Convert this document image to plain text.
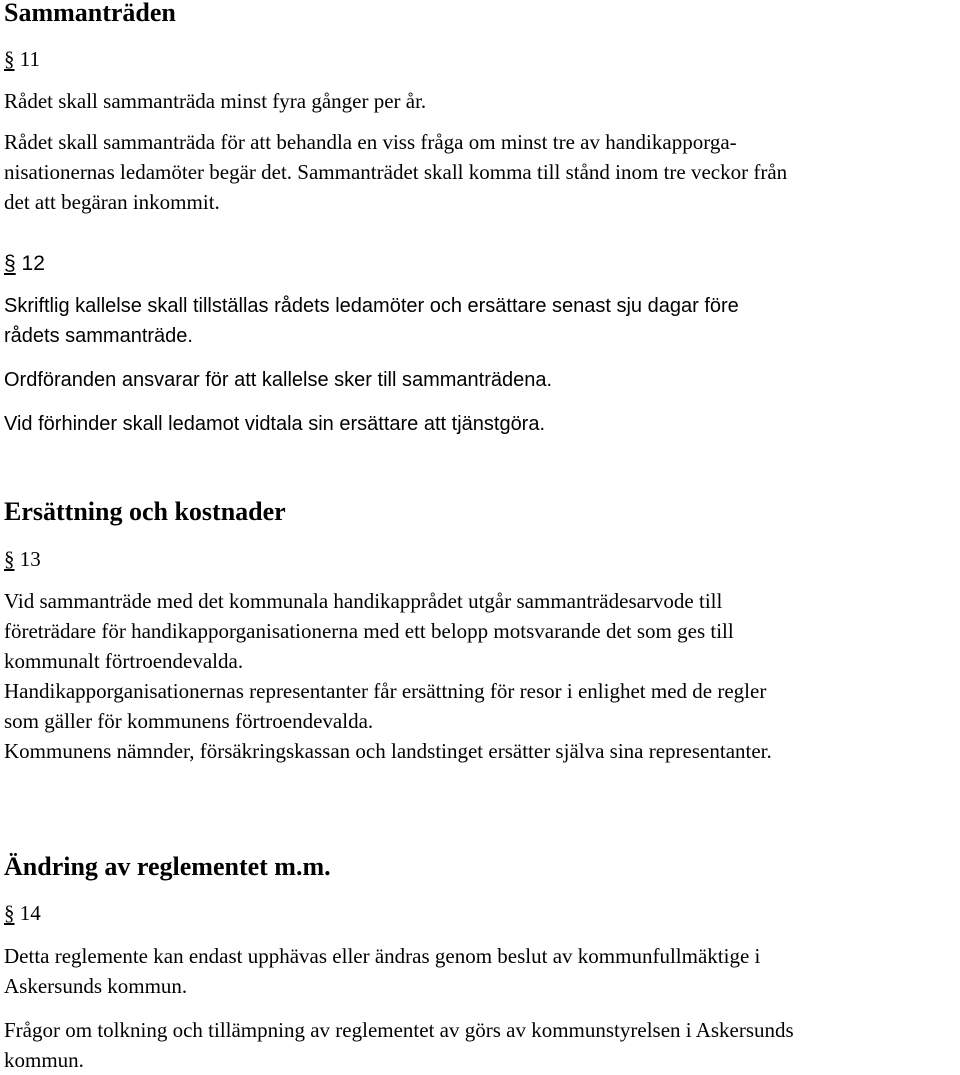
Sammanträden
§ 11

Rådet skall sammanträda minst fyra gånger per år.

Rådet skall sammanträda för att behandla en viss fråga om minst tre av handikapporga-
nisationernas ledamöter begär det. Sammanträdet skall komma till stånd inom tre veckor från
det att begäran inkommit.

§ 12

Skriftlig kallelse skall tillställas rådets ledamöter och ersättare senast sju dagar före
rådets sammanträde.

Ordföranden ansvarar för att kallelse sker till sammanträdena.

Vid förhinder skall ledamot vidtala sin ersättare att tjänstgöra.

Ersättning och kostnader
§ 13

Vid sammanträde med det kommunala handikapprådet utgår sammanträdesarvode till
företrädare för handikapporganisationerna med ett belopp motsvarande det som ges till
kommunalt förtroendevalda.
Handikapporganisationernas representanter får ersättning för resor i enlighet med de regler
som gäller för kommunens förtroendevalda.
Kommunens nämnder, försäkringskassan och landstinget ersätter själva sina representanter.

Ändring av reglementet m.m.
§ 14

Detta reglemente kan endast upphävas eller ändras genom beslut av kommunfullmäktige i
Askersunds kommun.

Frågor om tolkning och tillämpning av reglementet av görs av kommunstyrelsen i Askersunds
kommun.
